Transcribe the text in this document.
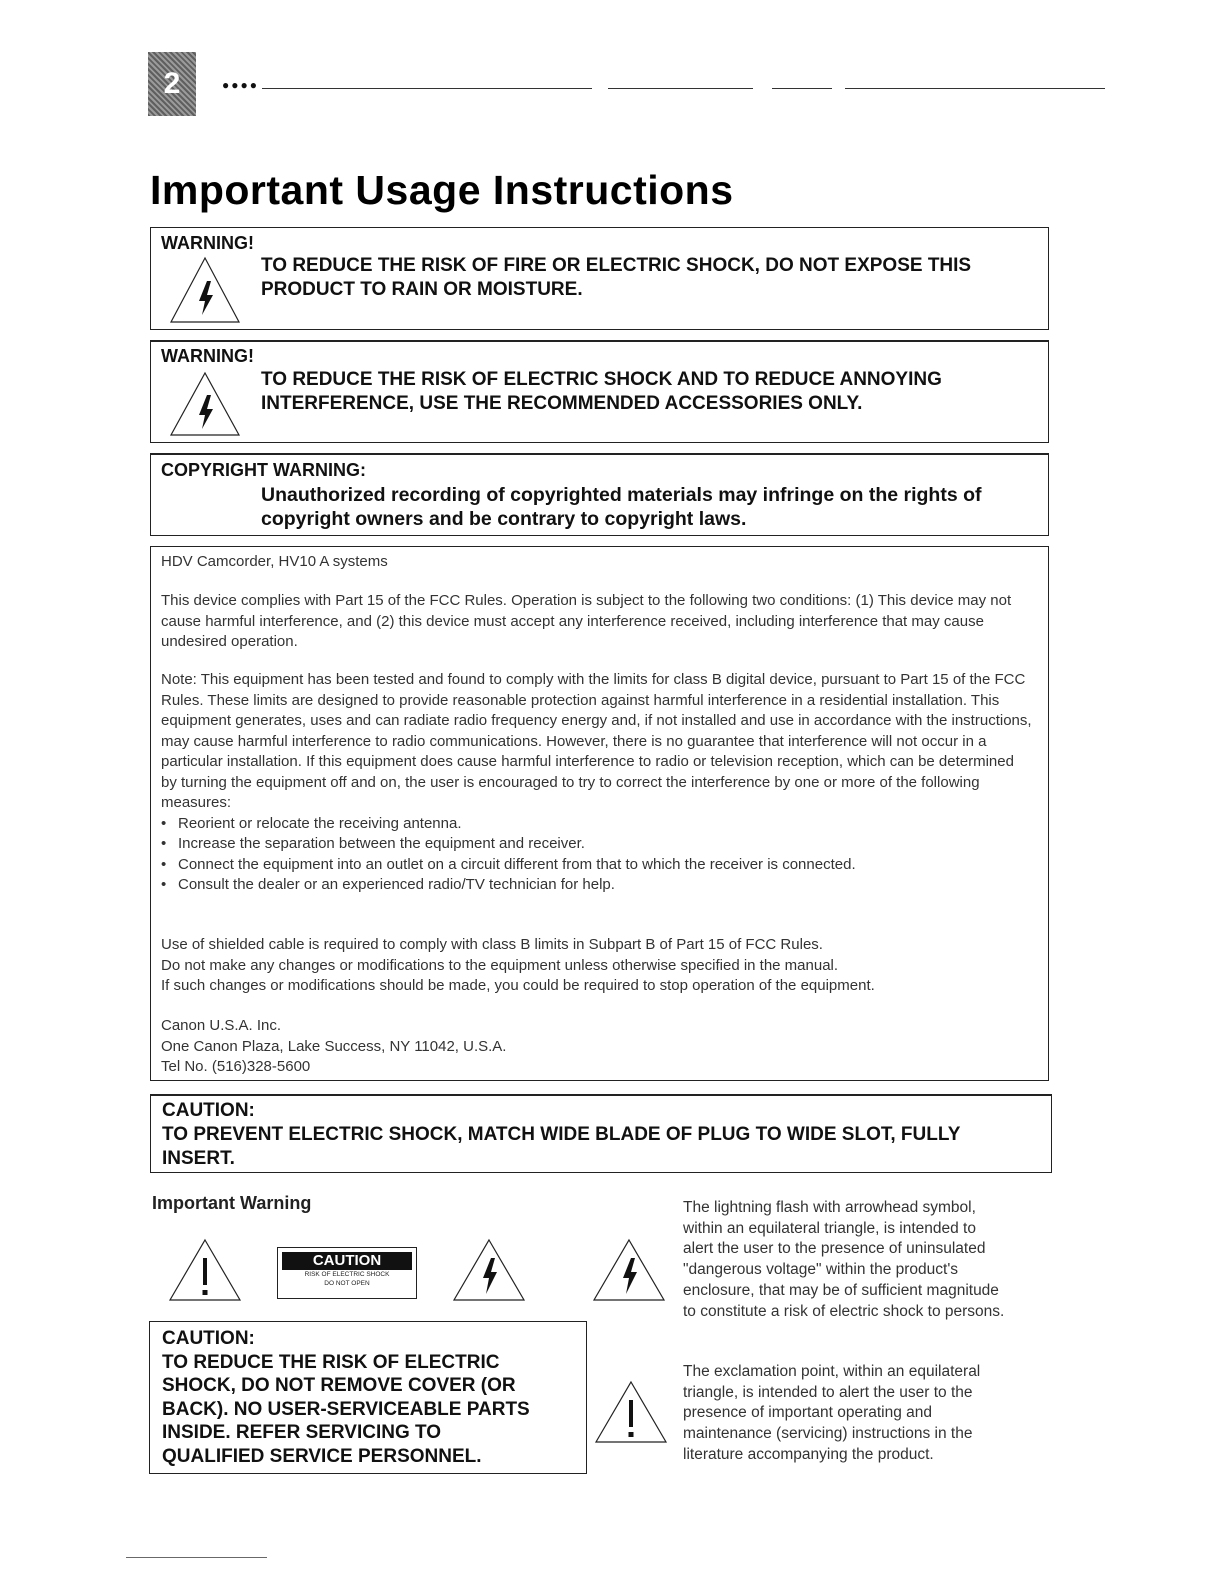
2	●●●●
Important Usage Instructions
WARNING!
TO REDUCE THE RISK OF FIRE OR ELECTRIC SHOCK, DO NOT EXPOSE THIS
PRODUCT TO RAIN OR MOISTURE.
WARNING!
TO REDUCE THE RISK OF ELECTRIC SHOCK AND TO REDUCE ANNOYING
INTERFERENCE, USE THE RECOMMENDED ACCESSORIES ONLY.
COPYRIGHT WARNING:
Unauthorized recording of copyrighted materials may infringe on the rights of
copyright owners and be contrary to copyright laws.

HDV Camcorder, HV10 A systems

This device complies with Part 15 of the FCC Rules. Operation is subject to the following two conditions: (1) This device may not cause harmful interference, and (2) this device must accept any interference received, including interference that may cause undesired operation.

Note: This equipment has been tested and found to comply with the limits for class B digital device, pursuant to Part 15 of the FCC Rules. These limits are designed to provide reasonable protection against harmful interference in a residential installation. This equipment generates, uses and can radiate radio frequency energy and, if not installed and use in accordance with the instructions, may cause harmful interference to radio communications. However, there is no guarantee that interference will not occur in a particular installation. If this equipment does cause harmful interference to radio or television reception, which can be determined by turning the equipment off and on, the user is encouraged to try to correct the interference by one or more of the following measures:

• Reorient or relocate the receiving antenna.
• Increase the separation between the equipment and receiver.
• Connect the equipment into an outlet on a circuit different from that to which the receiver is connected.
• Consult the dealer or an experienced radio/TV technician for help.

Use of shielded cable is required to comply with class B limits in Subpart B of Part 15 of FCC Rules.

Do not make any changes or modifications to the equipment unless otherwise specified in the manual.

If such changes or modifications should be made, you could be required to stop operation of the equipment.

Canon U.S.A. Inc.

One Canon Plaza, Lake Success, NY 11042, U.S.A.

Tel No. (516)328-5600

CAUTION:
TO PREVENT ELECTRIC SHOCK, MATCH WIDE BLADE OF PLUG TO WIDE SLOT, FULLY
INSERT.
Important Warning
CAUTION
RISK OF ELECTRIC SHOCK
DO NOT OPEN
The lightning flash with arrowhead symbol,
within an equilateral triangle, is intended to
alert the user to the presence of uninsulated
"dangerous voltage" within the product's
enclosure, that may be of sufficient magnitude
to constitute a risk of electric shock to persons.
CAUTION:
TO REDUCE THE RISK OF ELECTRIC
SHOCK, DO NOT REMOVE COVER (OR
BACK). NO USER-SERVICEABLE PARTS
INSIDE. REFER SERVICING TO
QUALIFIED SERVICE PERSONNEL.
The exclamation point, within an equilateral
triangle, is intended to alert the user to the
presence of important operating and
maintenance (servicing) instructions in the
literature accompanying the product.
